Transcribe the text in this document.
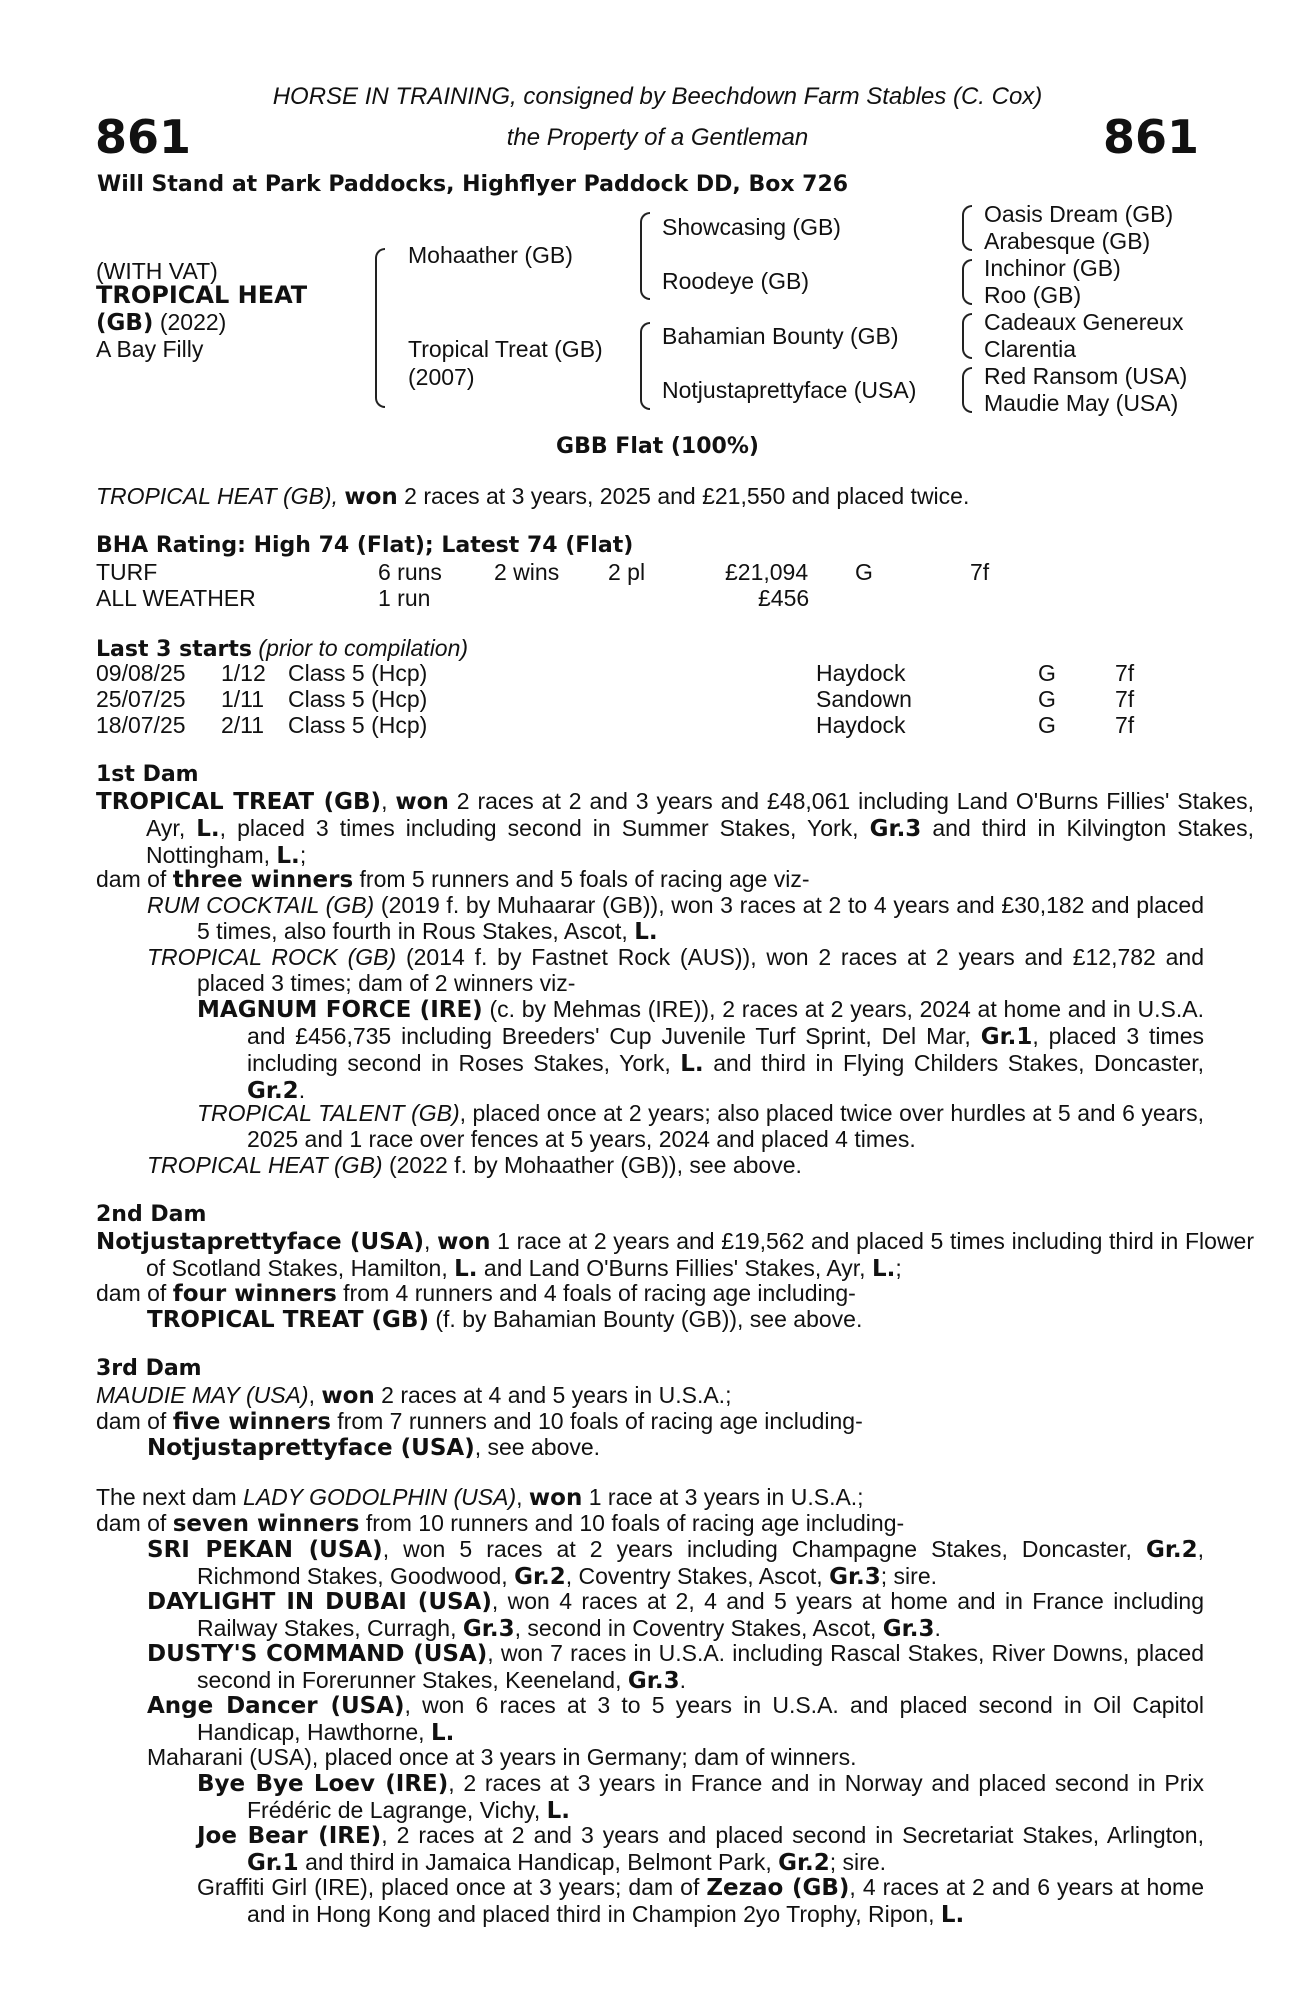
HORSE IN TRAINING, consigned by Beechdown Farm Stables (C. Cox)
the Property of a Gentleman
861	861
Will Stand at Park Paddocks, Highflyer Paddock DD, Box 726
(WITH VAT)
TROPICAL HEAT
(GB) (2022)
A Bay Filly
Mohaather (GB)
Tropical Treat (GB)
(2007)
Showcasing (GB)
Roodeye (GB)
Bahamian Bounty (GB)
Notjustaprettyface (USA)
Oasis Dream (GB)
Arabesque (GB)
Inchinor (GB)
Roo (GB)
Cadeaux Genereux
Clarentia
Red Ransom (USA)
Maudie May (USA)
GBB Flat (100%)
TROPICAL HEAT (GB), won 2 races at 3 years, 2025 and £21,550 and placed twice.
BHA Rating: High 74 (Flat); Latest 74 (Flat)
TURF	6 runs 2 wins 2 pl	£21,094 G	7f
ALL WEATHER	1 run	£456
Last 3 starts (prior to compilation)
09/08/25 1/12 Class 5 (Hcp)	Haydock	G	7f
25/07/25 1/11 Class 5 (Hcp)	Sandown	G	7f
18/07/25 2/11 Class 5 (Hcp)	Haydock	G	7f
1st Dam

TROPICAL TREAT (GB), won 2 races at 2 and 3 years and £48,061 including Land O'Burns Fillies' Stakes, Ayr, L., placed 3 times including second in Summer Stakes, York, Gr.3 and third in Kilvington Stakes, Nottingham, L.;

dam of three winners from 5 runners and 5 foals of racing age viz-

RUM COCKTAIL (GB) (2019 f. by Muhaarar (GB)), won 3 races at 2 to 4 years and £30,182 and placed 5 times, also fourth in Rous Stakes, Ascot, L.

TROPICAL ROCK (GB) (2014 f. by Fastnet Rock (AUS)), won 2 races at 2 years and £12,782 and placed 3 times; dam of 2 winners viz-

MAGNUM FORCE (IRE) (c. by Mehmas (IRE)), 2 races at 2 years, 2024 at home and in U.S.A. and £456,735 including Breeders' Cup Juvenile Turf Sprint, Del Mar, Gr.1, placed 3 times including second in Roses Stakes, York, L. and third in Flying Childers Stakes, Doncaster, Gr.2.

TROPICAL TALENT (GB), placed once at 2 years; also placed twice over hurdles at 5 and 6 years, 2025 and 1 race over fences at 5 years, 2024 and placed 4 times.

TROPICAL HEAT (GB) (2022 f. by Mohaather (GB)), see above.
2nd Dam

Notjustaprettyface (USA), won 1 race at 2 years and £19,562 and placed 5 times including third in Flower of Scotland Stakes, Hamilton, L. and Land O'Burns Fillies' Stakes, Ayr, L.;

dam of four winners from 4 runners and 4 foals of racing age including-
TROPICAL TREAT (GB) (f. by Bahamian Bounty (GB)), see above.
3rd Dam
MAUDIE MAY (USA), won 2 races at 4 and 5 years in U.S.A.;
dam of five winners from 7 runners and 10 foals of racing age including-
Notjustaprettyface (USA), see above.
The next dam LADY GODOLPHIN (USA), won 1 race at 3 years in U.S.A.;
dam of seven winners from 10 runners and 10 foals of racing age including-

SRI PEKAN (USA), won 5 races at 2 years including Champagne Stakes, Doncaster, Gr.2, Richmond Stakes, Goodwood, Gr.2, Coventry Stakes, Ascot, Gr.3; sire.

DAYLIGHT IN DUBAI (USA), won 4 races at 2, 4 and 5 years at home and in France including Railway Stakes, Curragh, Gr.3, second in Coventry Stakes, Ascot, Gr.3.

DUSTY'S COMMAND (USA), won 7 races in U.S.A. including Rascal Stakes, River Downs, placed second in Forerunner Stakes, Keeneland, Gr.3.

Ange Dancer (USA), won 6 races at 3 to 5 years in U.S.A. and placed second in Oil Capitol Handicap, Hawthorne, L.

Maharani (USA), placed once at 3 years in Germany; dam of winners.

Bye Bye Loev (IRE), 2 races at 3 years in France and in Norway and placed second in Prix Frédéric de Lagrange, Vichy, L.

Joe Bear (IRE), 2 races at 2 and 3 years and placed second in Secretariat Stakes, Arlington, Gr.1 and third in Jamaica Handicap, Belmont Park, Gr.2; sire.

Graffiti Girl (IRE), placed once at 3 years; dam of Zezao (GB), 4 races at 2 and 6 years at home and in Hong Kong and placed third in Champion 2yo Trophy, Ripon, L.
